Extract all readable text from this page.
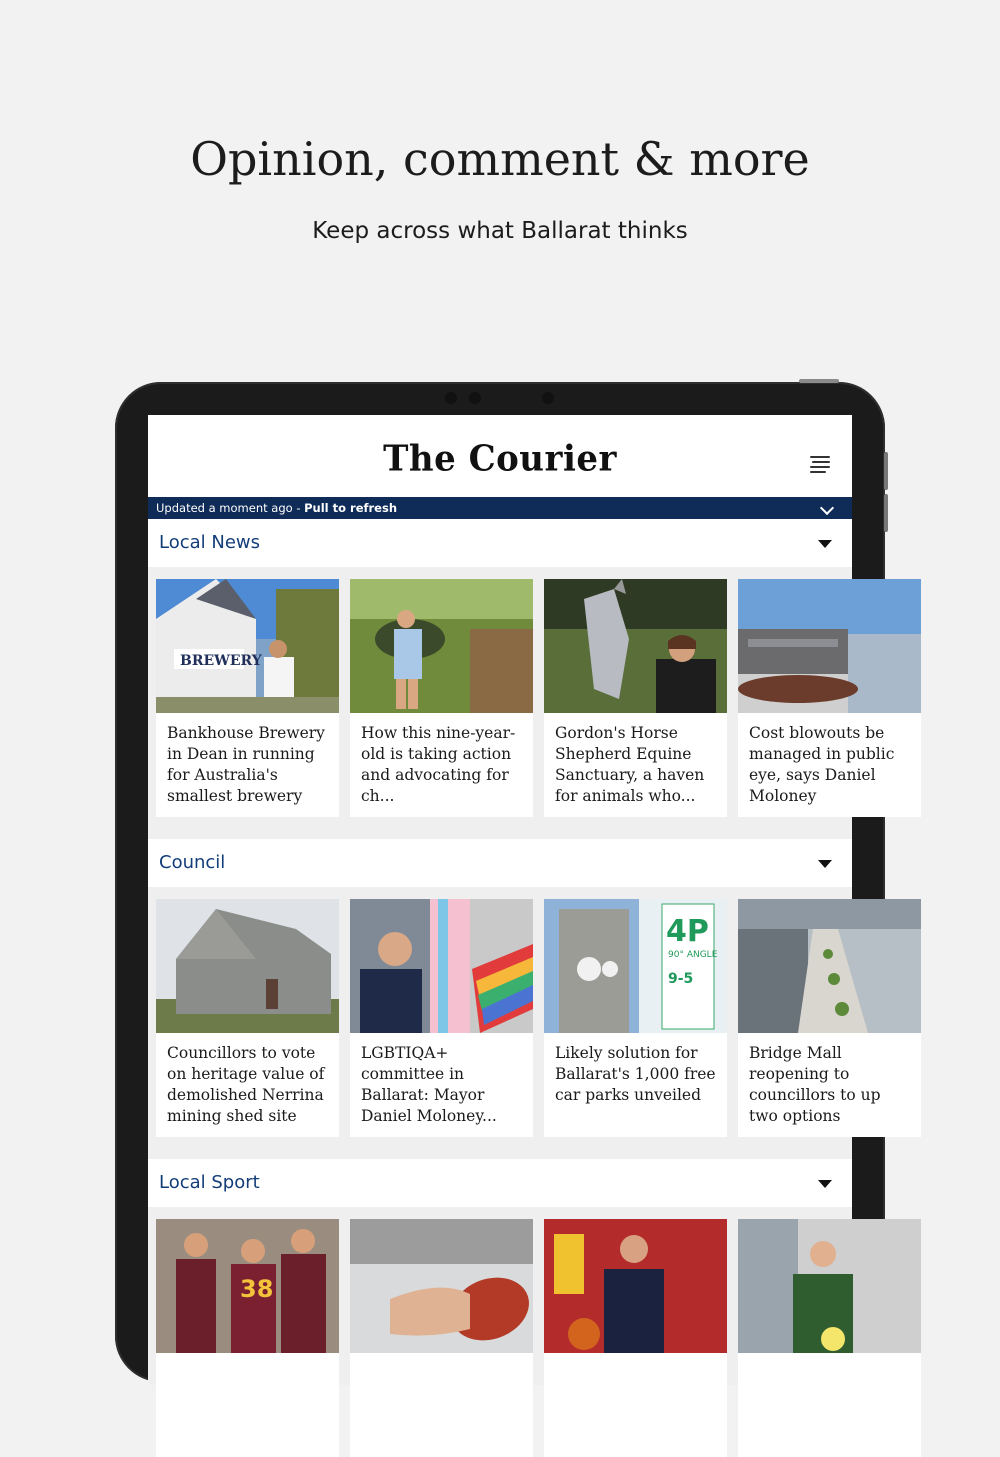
Opinion, comment & more

Keep across what Ballarat thinks

The Courier
Updated a moment ago - Pull to refresh
Local News
BREWERY

Bankhouse Brewery in Dean in running for Australia's smallest brewery

How this nine-year-old is taking action and advocating for ch...

Gordon's Horse Shepherd Equine Sanctuary, a haven for animals who...

Cost blowouts be managed in public eye, says Daniel Moloney

Council

Councillors to vote on heritage value of demolished Nerrina mining shed site

LGBTIQA+ committee in Ballarat: Mayor Daniel Moloney...

4P
90° ANGLE
9-5

Likely solution for Ballarat's 1,000 free car parks unveiled

Bridge Mall reopening to councillors to up two options

Local Sport
38
